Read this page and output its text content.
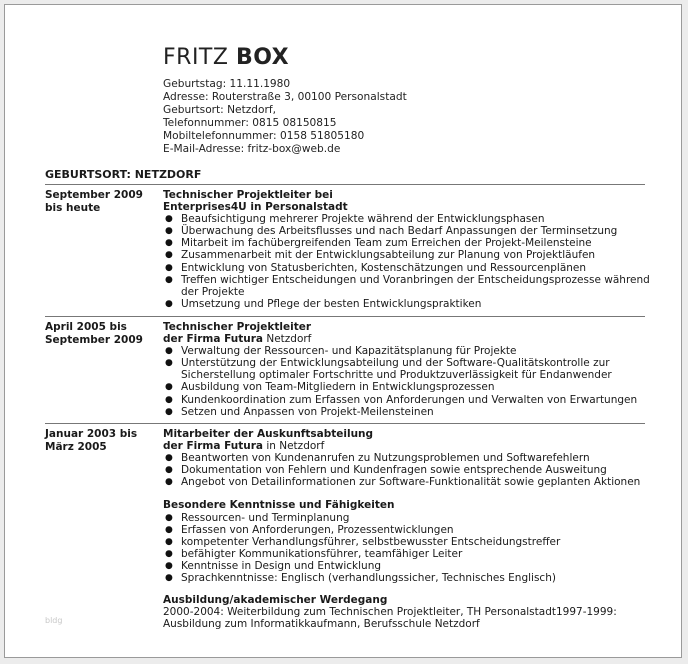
FRITZ BOX
Geburtstag: 11.11.1980
Adresse: Routerstraße 3, 00100 Personalstadt
Geburtsort: Netzdorf,
Telefonnummer: 0815 08150815
Mobiltelefonnummer: 0158 51805180
E-Mail-Adresse: fritz-box@web.de
GEBURTSORT: NETZDORF
September 2009 bis heute
Technischer Projektleiter bei
Enterprises4U in Personalstadt
● Beaufsichtigung mehrerer Projekte während der Entwicklungsphasen
● Überwachung des Arbeitsflusses und nach Bedarf Anpassungen der Terminsetzung
● Mitarbeit im fachübergreifenden Team zum Erreichen der Projekt-Meilensteine
● Zusammenarbeit mit der Entwicklungsabteilung zur Planung von Projektläufen
● Entwicklung von Statusberichten, Kostenschätzungen und Ressourcenplänen
● Treffen wichtiger Entscheidungen und Voranbringen der Entscheidungsprozesse während der Projekte
● Umsetzung und Pflege der besten Entwicklungspraktiken
April 2005 bis September 2009
Technischer Projektleiter
der Firma Futura Netzdorf
● Verwaltung der Ressourcen- und Kapazitätsplanung für Projekte
● Unterstützung der Entwicklungsabteilung und der Software-Qualitätskontrolle zur Sicherstellung optimaler Fortschritte und Produktzuverlässigkeit für Endanwender
● Ausbildung von Team-Mitgliedern in Entwicklungsprozessen
● Kundenkoordination zum Erfassen von Anforderungen und Verwalten von Erwartungen
● Setzen und Anpassen von Projekt-Meilensteinen
Januar 2003 bis März 2005
Mitarbeiter der Auskunftsabteilung
der Firma Futura in Netzdorf
● Beantworten von Kundenanrufen zu Nutzungsproblemen und Softwarefehlern
● Dokumentation von Fehlern und Kundenfragen sowie entsprechende Ausweitung
● Angebot von Detailinformationen zur Software-Funktionalität sowie geplanten Aktionen
Besondere Kenntnisse und Fähigkeiten
● Ressourcen- und Terminplanung
● Erfassen von Anforderungen, Prozessentwicklungen
● kompetenter Verhandlungsführer, selbstbewusster Entscheidungstreffer
● befähigter Kommunikationsführer, teamfähiger Leiter
● Kenntnisse in Design und Entwicklung
● Sprachkenntnisse: Englisch (verhandlungssicher, Technisches Englisch)
Ausbildung/akademischer Werdegang
2000-2004: Weiterbildung zum Technischen Projektleiter, TH Personalstadt1997-1999:
Ausbildung zum Informatikkaufmann, Berufsschule Netzdorf
bldg
